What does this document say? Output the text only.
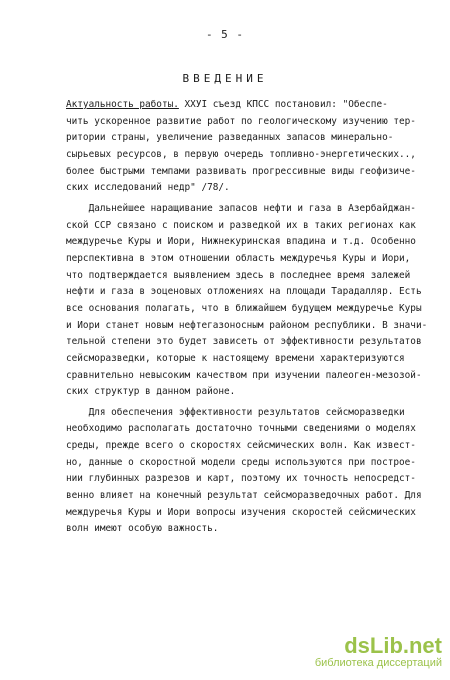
- 5 -
ВВЕДЕНИЕ
Актуальность работы. XXУI съезд КПСС постановил: "Обеспе-
чить ускоренное развитие работ по геологическому изучению тер-
ритории страны, увеличение разведанных запасов минерально-
сырьевых ресурсов, в первую очередь топливно-энергетических..,
более быстрыми темпами развивать прогрессивные виды геофизиче-
ских исследований недр" /78/.
Дальнейшее наращивание запасов нефти и газа в Азербайджан-
ской ССР связано с поиском и разведкой их в таких регионах как
междуречье Куры и Иори, Нижнекуринская впадина и т.д. Особенно
перспективна в этом отношении область междуречья Куры и Иори,
что подтверждается выявлением здесь в последнее время залежей
нефти и газа в эоценовых отложениях на площади Тарадалляр. Есть
все основания полагать, что в ближайшем будущем междуречье Куры
и Иори станет новым нефтегазоносным районом республики. В значи-
тельной степени это будет зависеть от эффективности результатов
сейсморазведки, которые к настоящему времени характеризуются
сравнительно невысоким качеством при изучении палеоген-мезозой-
ских структур в данном районе.
Для обеспечения эффективности результатов сейсморазведки
необходимо располагать достаточно точными сведениями о моделях
среды, прежде всего о скоростях сейсмических волн. Как извест-
но, данные о скоростной модели среды используются при построе-
нии глубинных разрезов и карт, поэтому их точность непосредст-
венно влияет на конечный результат сейсморазведочных работ. Для
междуречья Куры и Иори вопросы изучения скоростей сейсмических
волн имеют особую важность.
dsLib.net
библиотека диссертаций
